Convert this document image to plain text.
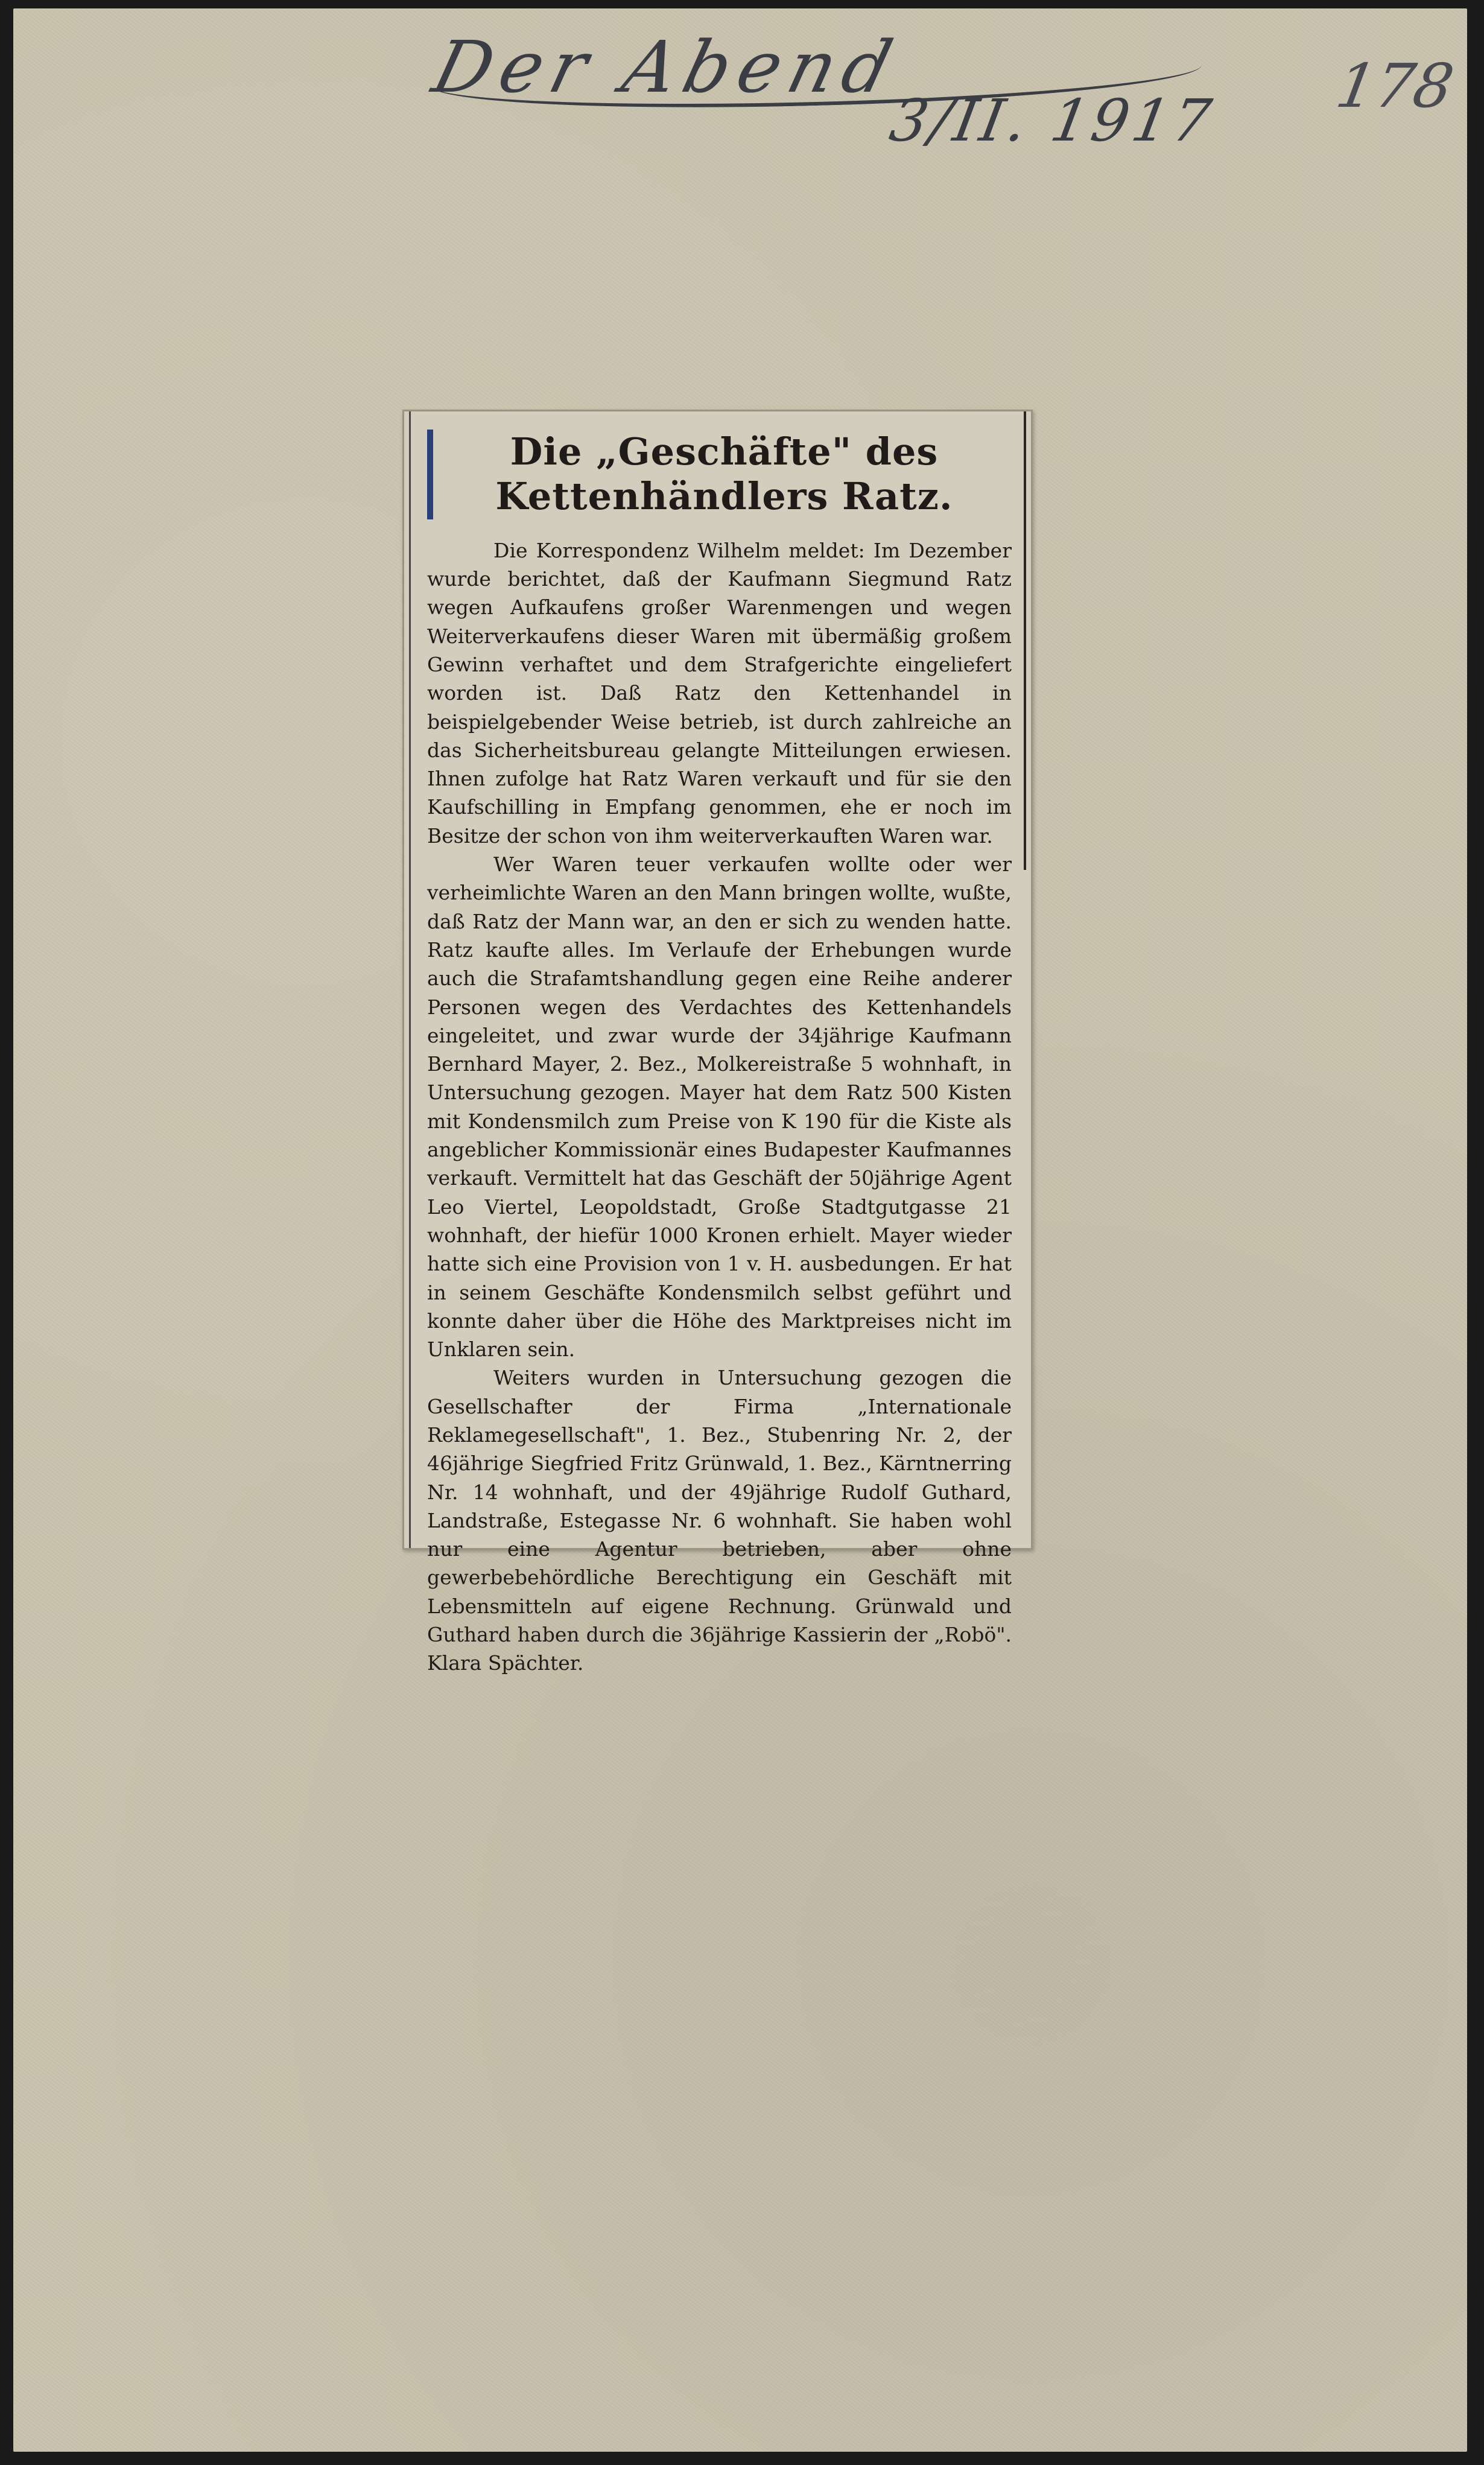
Der Abend
3/II. 1917 178
Die „Geschäfte" des Kettenhändlers Ratz.

Die Korrespondenz Wilhelm meldet: Im Dezember wurde berichtet, daß der Kaufmann Siegmund Ratz wegen Aufkaufens großer Warenmengen und wegen Weiterverkaufens dieser Waren mit übermäßig großem Gewinn verhaftet und dem Strafgerichte eingeliefert worden ist. Daß Ratz den Kettenhandel in beispielgebender Weise betrieb, ist durch zahlreiche an das Sicherheitsbureau gelangte Mitteilungen erwiesen. Ihnen zufolge hat Ratz Waren verkauft und für sie den Kaufschilling in Empfang genommen, ehe er noch im Besitze der schon von ihm weiterverkauften Waren war.

Wer Waren teuer verkaufen wollte oder wer verheimlichte Waren an den Mann bringen wollte, wußte, daß Ratz der Mann war, an den er sich zu wenden hatte. Ratz kaufte alles. Im Verlaufe der Erhebungen wurde auch die Strafamtshandlung gegen eine Reihe anderer Personen wegen des Verdachtes des Kettenhandels eingeleitet, und zwar wurde der 34jährige Kaufmann Bernhard Mayer, 2. Bez., Molkereistraße 5 wohnhaft, in Untersuchung gezogen. Mayer hat dem Ratz 500 Kisten mit Kondensmilch zum Preise von K 190 für die Kiste als angeblicher Kommissionär eines Budapester Kaufmannes verkauft. Vermittelt hat das Geschäft der 50jährige Agent Leo Viertel, Leopoldstadt, Große Stadtgutgasse 21 wohnhaft, der hiefür 1000 Kronen erhielt. Mayer wieder hatte sich eine Provision von 1 v. H. ausbedungen. Er hat in seinem Geschäfte Kondensmilch selbst geführt und konnte daher über die Höhe des Marktpreises nicht im Unklaren sein.

Weiters wurden in Untersuchung gezogen die Gesellschafter der Firma „Internationale Reklamegesellschaft", 1. Bez., Stubenring Nr. 2, der 46jährige Siegfried Fritz Grünwald, 1. Bez., Kärntnerring Nr. 14 wohnhaft, und der 49jährige Rudolf Guthard, Landstraße, Estegasse Nr. 6 wohnhaft. Sie haben wohl nur eine Agentur betrieben, aber ohne gewerbebehördliche Berechtigung ein Geschäft mit Lebensmitteln auf eigene Rechnung. Grünwald und Guthard haben durch die 36jährige Kassierin der „Robö". Klara Spächter.
